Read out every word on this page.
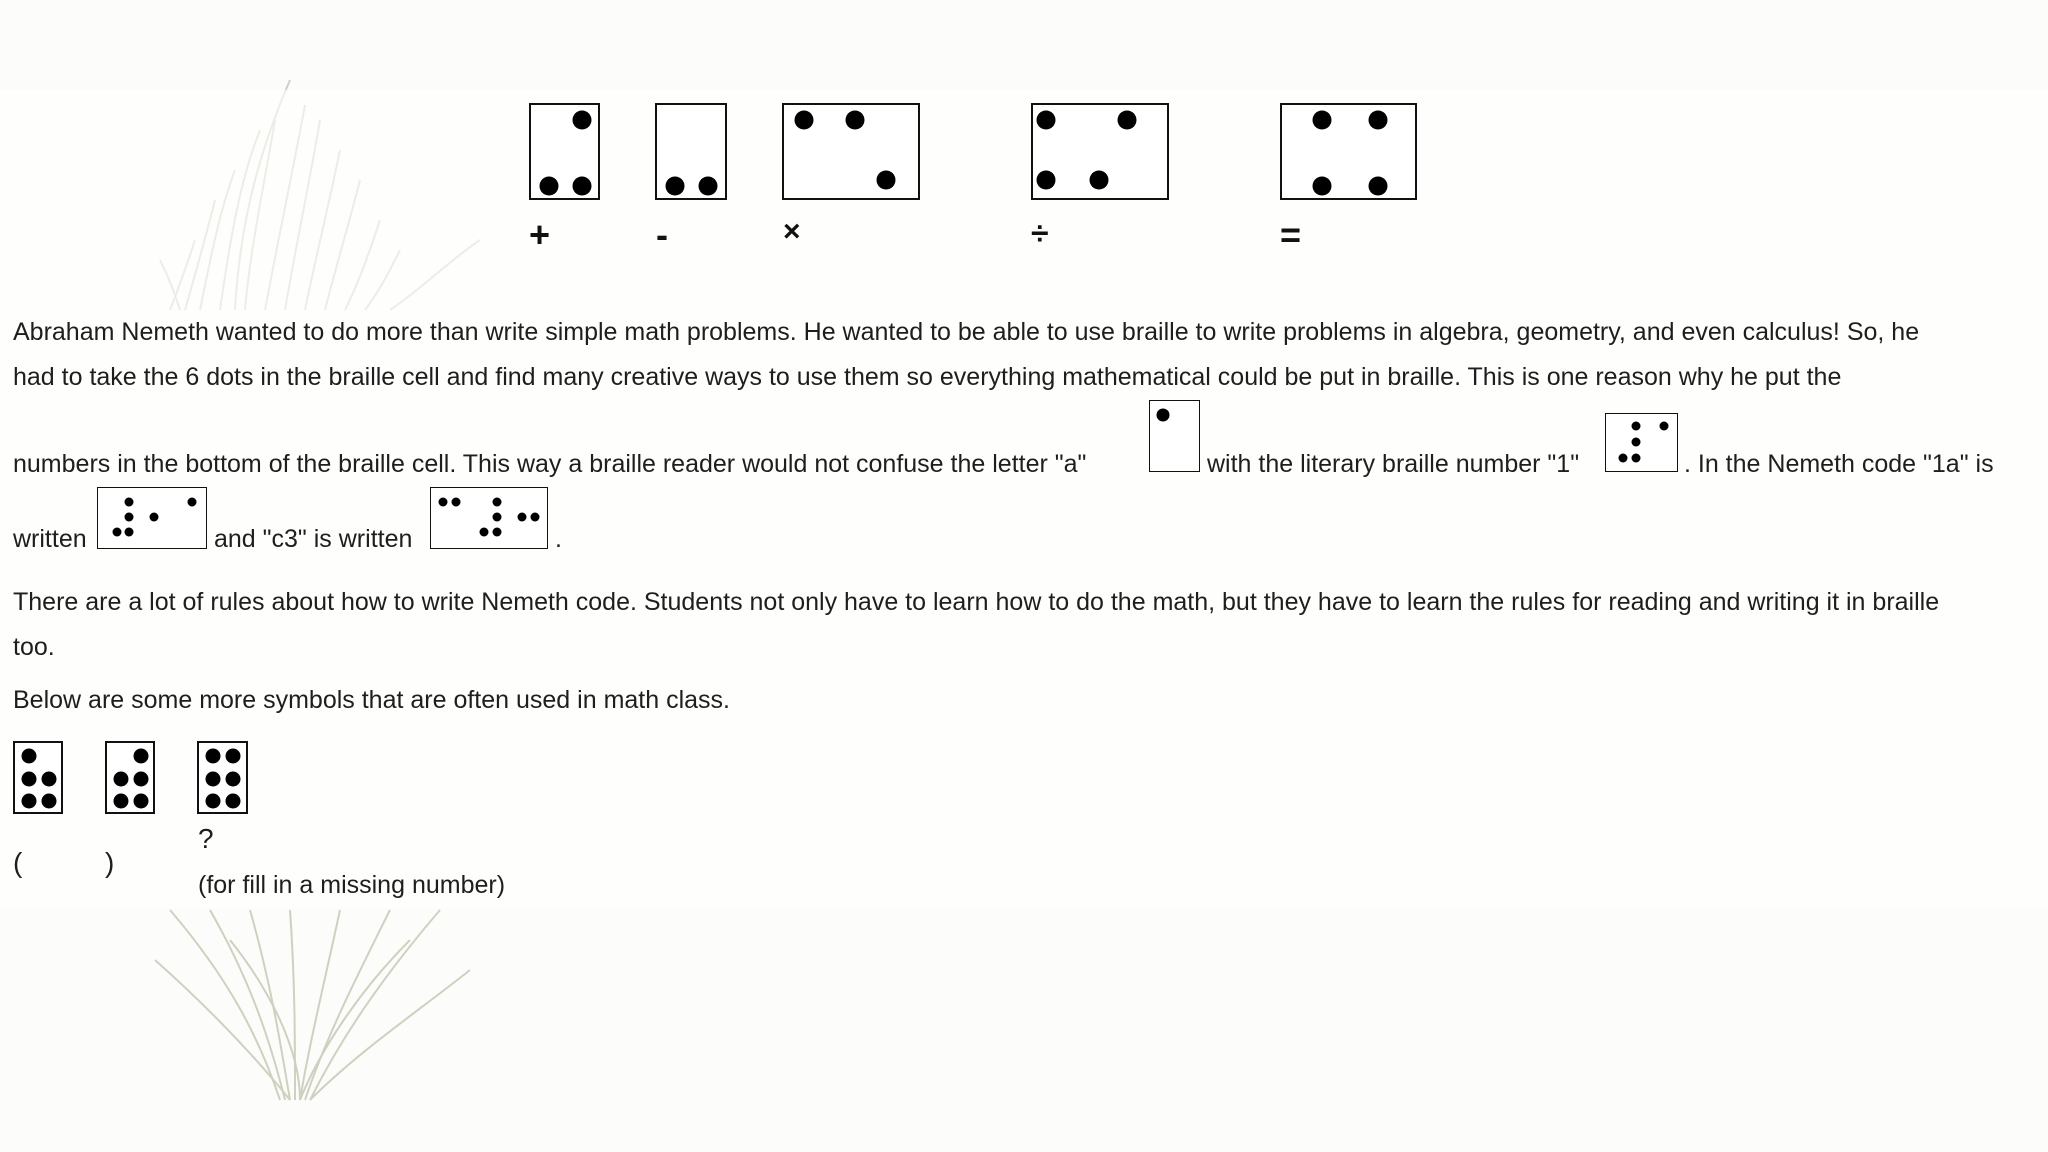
+	-	×	÷	=
Abraham Nemeth wanted to do more than write simple math problems. He wanted to be able to use braille to write problems in algebra, geometry, and even calculus! So, he
had to take the 6 dots in the braille cell and find many creative ways to use them so everything mathematical could be put in braille. This is one reason why he put the
numbers in the bottom of the braille cell. This way a braille reader would not confuse the letter "a"	with the literary braille number "1"	. In the Nemeth code "1a" is
written	and "c3" is written	.
There are a lot of rules about how to write Nemeth code. Students not only have to learn how to do the math, but they have to learn the rules for reading and writing it in braille
too.
Below are some more symbols that are often used in math class.
(	)
?
(for fill in a missing number)
